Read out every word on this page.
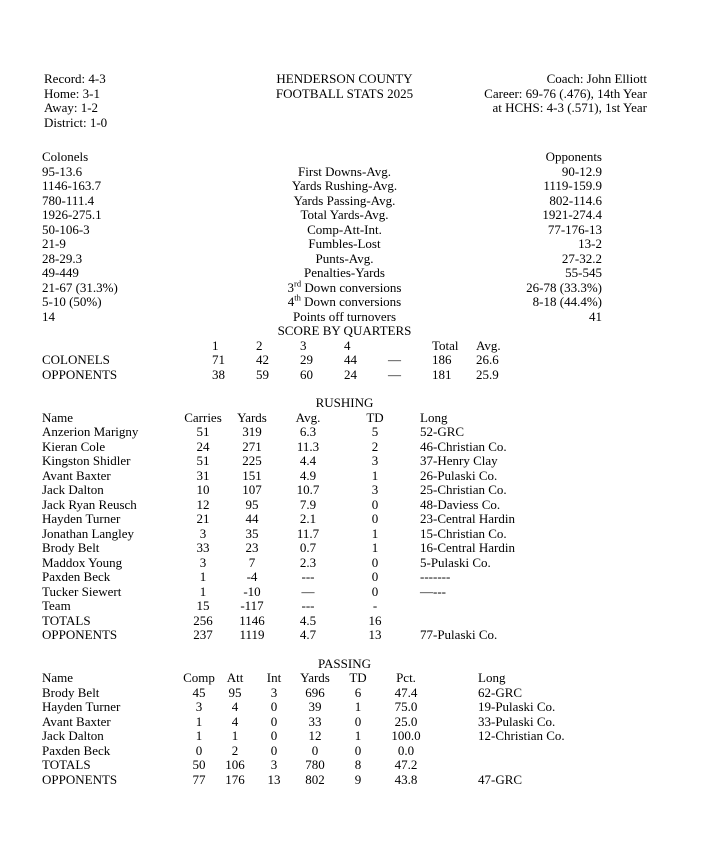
Record: 4-3
Home: 3-1
Away: 1-2
District: 1-0
HENDERSON COUNTY
FOOTBALL STATS 2025
Coach: John Elliott
Career: 69-76 (.476), 14th Year
at HCHS: 4-3 (.571), 1st Year
Colonels	Opponents
95-13.6	First Downs-Avg.	90-12.9
1146-163.7	Yards Rushing-Avg.	1119-159.9
780-111.4	Yards Passing-Avg.	802-114.6
1926-275.1	Total Yards-Avg.	1921-274.4
50-106-3	Comp-Att-Int.	77-176-13
21-9	Fumbles-Lost	13-2
28-29.3	Punts-Avg.	27-32.2
49-449	Penalties-Yards	55-545
21-67 (31.3%)	3rd Down conversions	26-78 (33.3%)
5-10 (50%)	4th Down conversions	8-18 (44.4%)
14	Points off turnovers	41
SCORE BY QUARTERS
	1	2	3	4		Total	Avg.
COLONELS	71	42	29	44	—	186	26.6
OPPONENTS	38	59	60	24	—	181	25.9
RUSHING
Name	Carries	Yards	Avg.	TD	Long
Anzerion Marigny	51	319	6.3	5	52-GRC
Kieran Cole	24	271	11.3	2	46-Christian Co.
Kingston Shidler	51	225	4.4	3	37-Henry Clay
Avant Baxter	31	151	4.9	1	26-Pulaski Co.
Jack Dalton	10	107	10.7	3	25-Christian Co.
Jack Ryan Reusch	12	95	7.9	0	48-Daviess Co.
Hayden Turner	21	44	2.1	0	23-Central Hardin
Jonathan Langley	3	35	11.7	1	15-Christian Co.
Brody Belt	33	23	0.7	1	16-Central Hardin
Maddox Young	3	7	2.3	0	5-Pulaski Co.
Paxden Beck	1	-4	---	0	-------
Tucker Siewert	1	-10	—	0	—---
Team	15	-117	---	-	
TOTALS	256	1146	4.5	16	
OPPONENTS	237	1119	4.7	13	77-Pulaski Co.
PASSING
Name	Comp	Att	Int	Yards	TD	Pct.	Long
Brody Belt	45	95	3	696	6	47.4	62-GRC
Hayden Turner	3	4	0	39	1	75.0	19-Pulaski Co.
Avant Baxter	1	4	0	33	0	25.0	33-Pulaski Co.
Jack Dalton	1	1	0	12	1	100.0	12-Christian Co.
Paxden Beck	0	2	0	0	0	0.0	
TOTALS	50	106	3	780	8	47.2	
OPPONENTS	77	176	13	802	9	43.8	47-GRC
